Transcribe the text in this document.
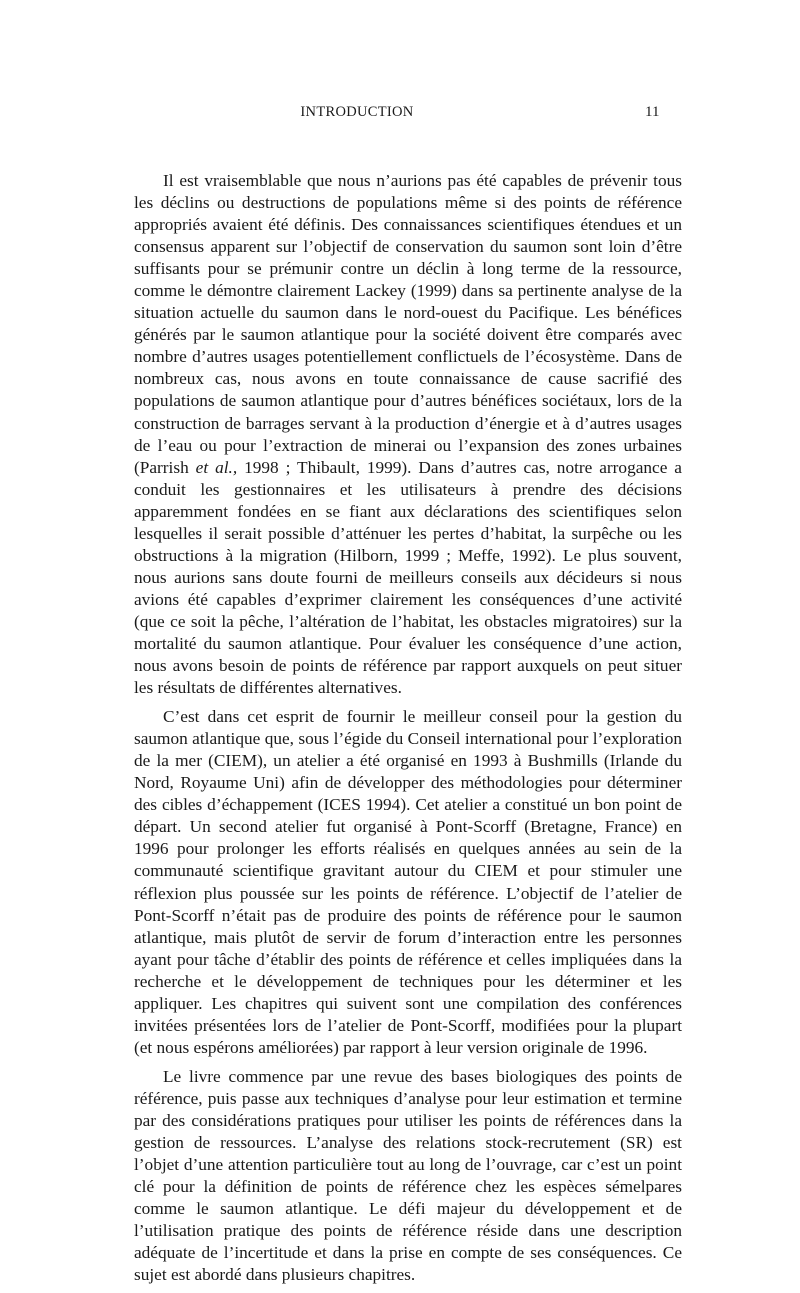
INTRODUCTION	11

Il est vraisemblable que nous n’aurions pas été capables de prévenir tous les déclins ou destructions de populations même si des points de référence appropriés avaient été définis. Des connaissances scientifiques étendues et un consensus apparent sur l’objectif de conservation du saumon sont loin d’être suffisants pour se prémunir contre un déclin à long terme de la ressource, comme le démontre clairement Lackey (1999) dans sa pertinente analyse de la situation actuelle du saumon dans le nord-ouest du Pacifique. Les bénéfices générés par le saumon atlantique pour la société doivent être comparés avec nombre d’autres usages potentiellement conflictuels de l’écosystème. Dans de nombreux cas, nous avons en toute connaissance de cause sacrifié des populations de saumon atlantique pour d’autres bénéfices sociétaux, lors de la construction de barrages servant à la production d’énergie et à d’autres usages de l’eau ou pour l’extraction de minerai ou l’expansion des zones urbaines (Parrish et al., 1998 ; Thibault, 1999). Dans d’autres cas, notre arrogance a conduit les gestionnaires et les utilisateurs à prendre des décisions apparemment fondées en se fiant aux déclarations des scientifiques selon lesquelles il serait possible d’atténuer les pertes d’habitat, la surpêche ou les obstructions à la migration (Hilborn, 1999 ; Meffe, 1992). Le plus souvent, nous aurions sans doute fourni de meilleurs conseils aux décideurs si nous avions été capables d’exprimer clairement les conséquences d’une activité (que ce soit la pêche, l’altération de l’habitat, les obstacles migratoires) sur la mortalité du saumon atlantique. Pour évaluer les conséquence d’une action, nous avons besoin de points de référence par rapport auxquels on peut situer les résultats de différentes alternatives.

C’est dans cet esprit de fournir le meilleur conseil pour la gestion du saumon atlantique que, sous l’égide du Conseil international pour l’exploration de la mer (CIEM), un atelier a été organisé en 1993 à Bushmills (Irlande du Nord, Royaume Uni) afin de développer des méthodologies pour déterminer des cibles d’échappement (ICES 1994). Cet atelier a constitué un bon point de départ. Un second atelier fut organisé à Pont-Scorff (Bretagne, France) en 1996 pour prolonger les efforts réalisés en quelques années au sein de la communauté scientifique gravitant autour du CIEM et pour stimuler une réflexion plus poussée sur les points de référence. L’objectif de l’atelier de Pont-Scorff n’était pas de produire des points de référence pour le saumon atlantique, mais plutôt de servir de forum d’interaction entre les personnes ayant pour tâche d’établir des points de référence et celles impliquées dans la recherche et le développement de techniques pour les déterminer et les appliquer. Les chapitres qui suivent sont une compilation des conférences invitées présentées lors de l’atelier de Pont-Scorff, modifiées pour la plupart (et nous espérons améliorées) par rapport à leur version originale de 1996.

Le livre commence par une revue des bases biologiques des points de référence, puis passe aux techniques d’analyse pour leur estimation et termine par des considérations pratiques pour utiliser les points de références dans la gestion de ressources. L’analyse des relations stock-recrutement (SR) est l’objet d’une attention particulière tout au long de l’ouvrage, car c’est un point clé pour la définition de points de référence chez les espèces sémelpares comme le saumon atlantique. Le défi majeur du développement et de l’utilisation pratique des points de référence réside dans une description adéquate de l’incertitude et dans la prise en compte de ses conséquences. Ce sujet est abordé dans plusieurs chapitres.
